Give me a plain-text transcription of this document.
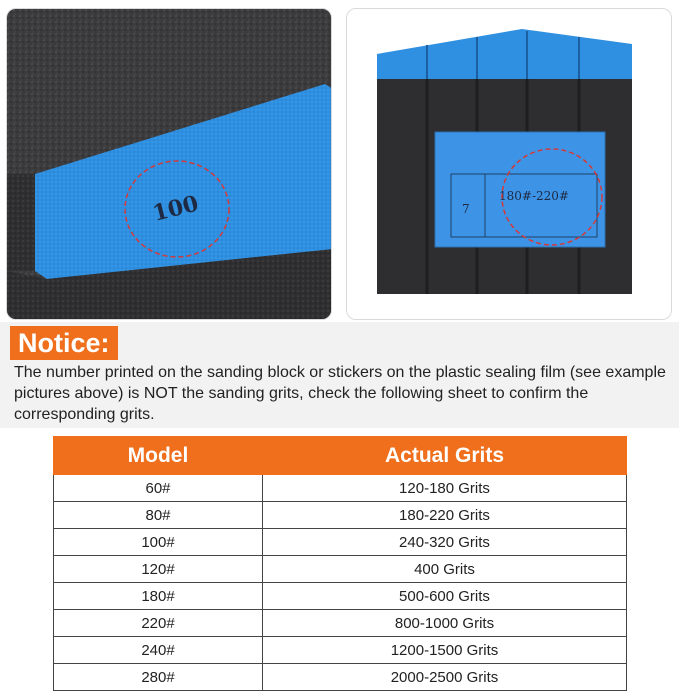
100	7
180#-220#
Notice:

The number printed on the sanding block or stickers on the plastic sealing film (see example pictures above) is NOT the sanding grits, check the following sheet to confirm the corresponding grits.

Model	Actual Grits
60#	120-180 Grits
80#	180-220 Grits
100#	240-320 Grits
120#	400 Grits
180#	500-600 Grits
220#	800-1000 Grits
240#	1200-1500 Grits
280#	2000-2500 Grits
